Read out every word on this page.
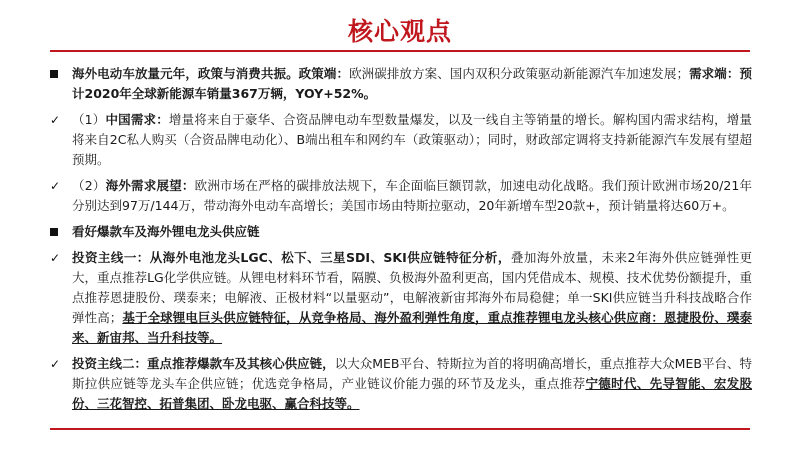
核心观点
海外电动车放量元年，政策与消费共振。政策端：欧洲碳排放方案、国内双积分政策驱动新能源汽车加速发展；需求端：预计2020年全球新能源车销量367万辆，YOY+52%。
✓ （1）中国需求：增量将来自于豪华、合资品牌电动车型数量爆发，以及一线自主等销量的增长。解构国内需求结构，增量将来自2C私人购买（合资品牌电动化）、B端出租车和网约车（政策驱动）；同时，财政部定调将支持新能源汽车发展有望超预期。
✓ （2）海外需求展望：欧洲市场在严格的碳排放法规下，车企面临巨额罚款，加速电动化战略。我们预计欧洲市场20/21年分别达到97万/144万，带动海外电动车高增长；美国市场由特斯拉驱动，20年新增车型20款+，预计销量将达60万+。
看好爆款车及海外锂电龙头供应链
✓ 投资主线一：从海外电池龙头LGC、松下、三星SDI、SKI供应链特征分析，叠加海外放量，未来2年海外供应链弹性更大，重点推荐LG化学供应链。从锂电材料环节看，隔膜、负极海外盈利更高，国内凭借成本、规模、技术优势份额提升，重点推荐恩捷股份、璞泰来；电解液、正极材料“以量驱动”，电解液新宙邦海外布局稳健；单一SKI供应链当升科技战略合作弹性高；基于全球锂电巨头供应链特征，从竞争格局、海外盈利弹性角度，重点推荐锂电龙头核心供应商：恩捷股份、璞泰来、新宙邦、当升科技等。
✓ 投资主线二：重点推荐爆款车及其核心供应链，以大众MEB平台、特斯拉为首的将明确高增长，重点推荐大众MEB平台、特斯拉供应链等龙头车企供应链；优选竞争格局，产业链议价能力强的环节及龙头，重点推荐宁德时代、先导智能、宏发股份、三花智控、拓普集团、卧龙电驱、赢合科技等。
